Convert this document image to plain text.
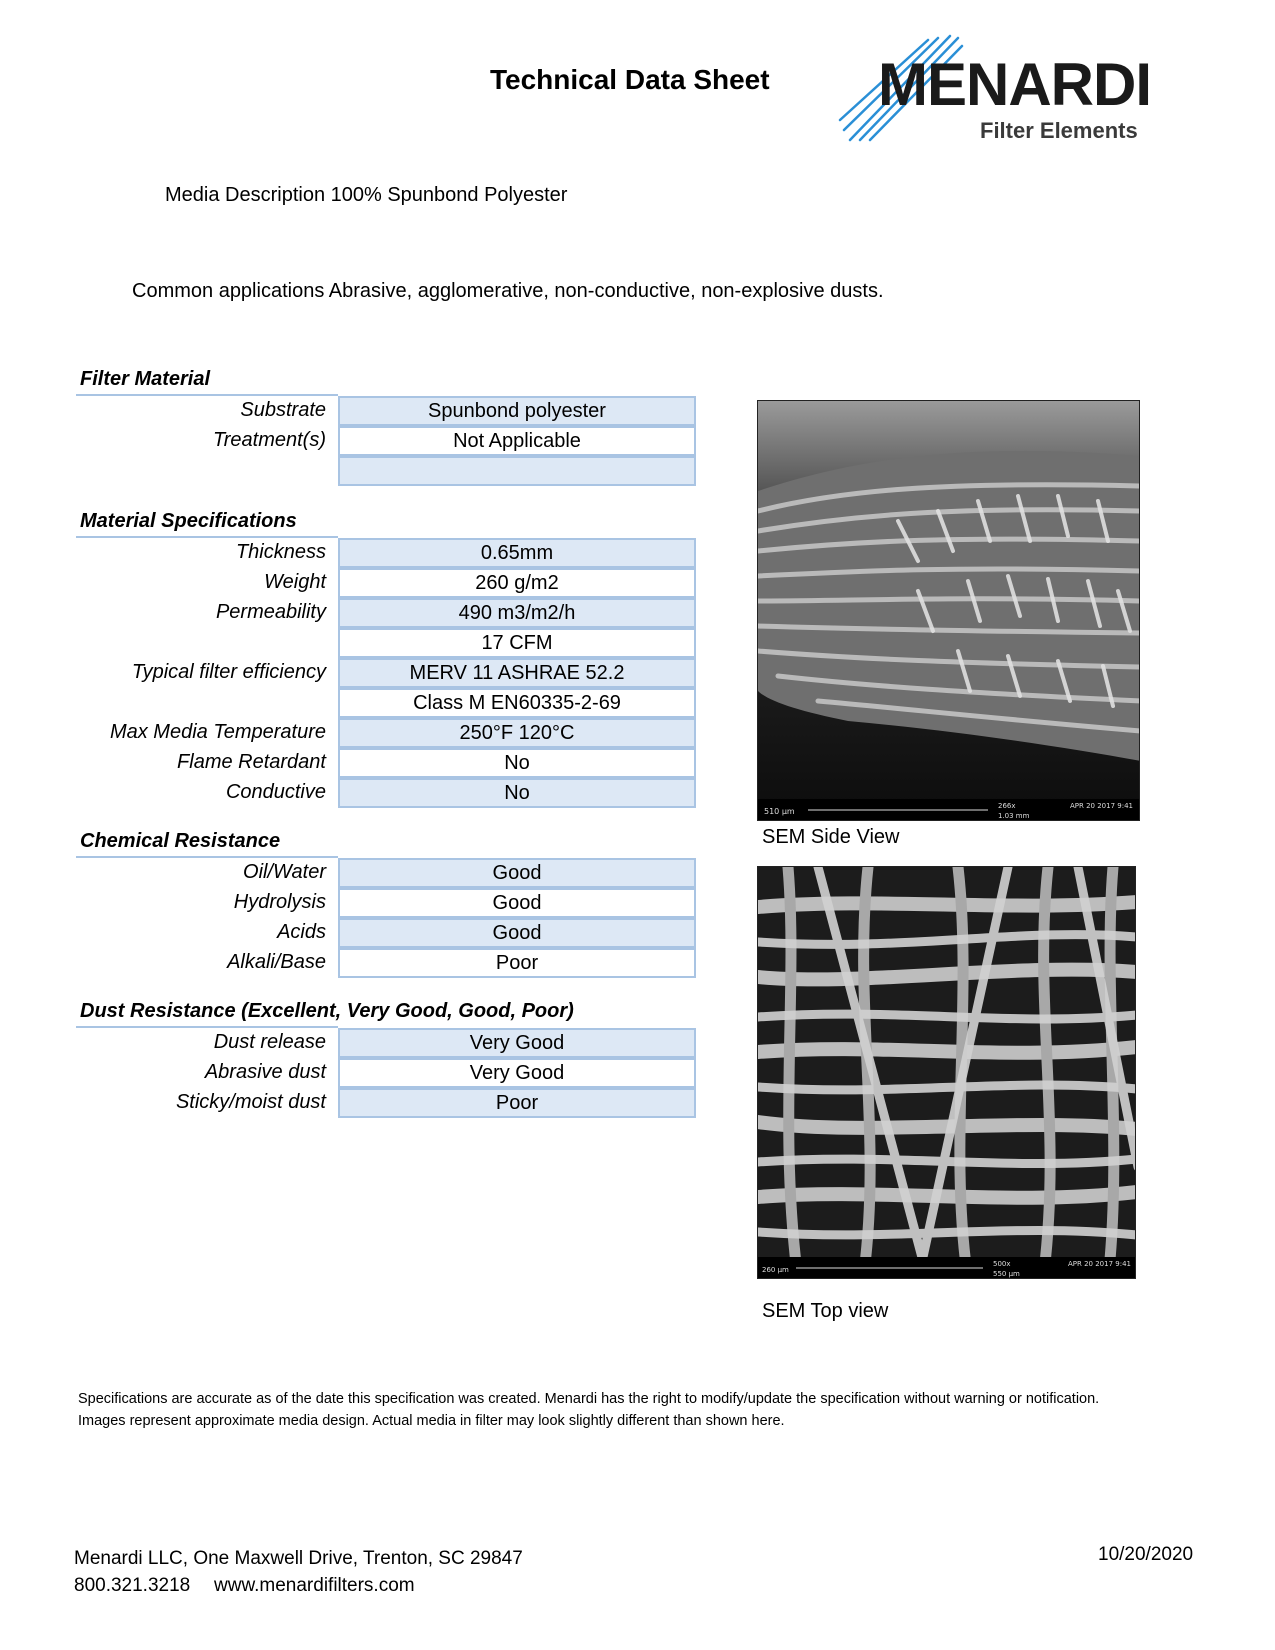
Technical Data Sheet MENARDI
Filter Elements
Media Description 100% Spunbond Polyester
Common applications Abrasive, agglomerative, non-conductive, non-explosive dusts.
Filter Material
Substrate	Spunbond polyester
Treatment(s)	Not Applicable
Material Specifications
Thickness	0.65mm
Weight	260 g/m2
Permeability	490 m3/m2/h
17 CFM
Typical filter efficiency	MERV 11 ASHRAE 52.2
Class M EN60335-2-69
Max Media Temperature	250°F 120°C
Flame Retardant	No
Conductive	No
Chemical Resistance
Oil/Water	Good
Hydrolysis	Good
Acids	Good
Alkali/Base	Poor
Dust Resistance (Excellent, Very Good, Good, Poor)
Dust release	Very Good
Abrasive dust	Very Good
Sticky/moist dust	Poor
510 µm
266x
1.03 mm
APR 20 2017 9:41
SEM Side View
260 µm
500x
550 µm
APR 20 2017 9:41
SEM Top view
Specifications are accurate as of the date this specification was created. Menardi has the right to modify/update the specification without warning or notification.
Images represent approximate media design. Actual media in filter may look slightly different than shown here.
Menardi LLC, One Maxwell Drive, Trenton, SC 29847
800.321.3218 www.menardifilters.com
10/20/2020
